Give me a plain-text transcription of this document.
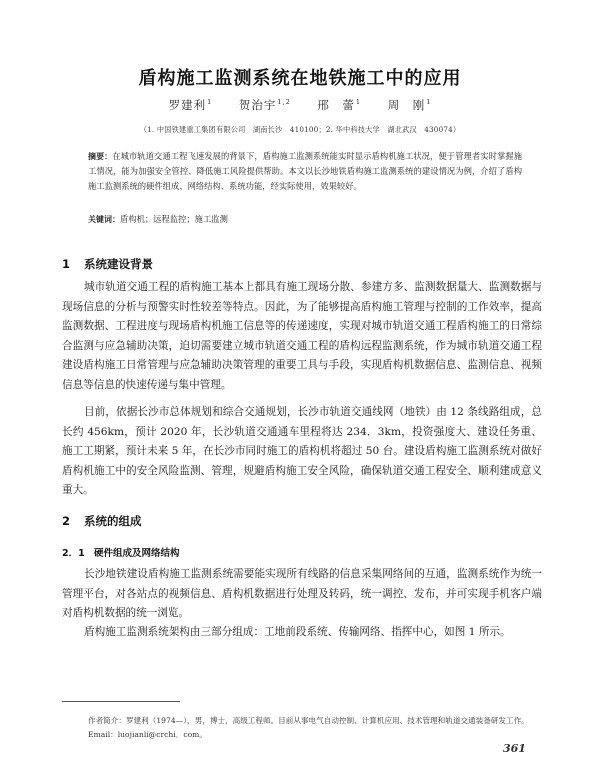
盾构施工监测系统在地铁施工中的应用
罗建利$^1$ 贺治宇$^{1,2}$ 邢　蕾$^1$ 周　刚$^1$
（1. 中国铁建重工集团有限公司　湖南长沙　410100；2. 华中科技大学　湖北武汉　430074）
摘要：在城市轨道交通工程飞速发展的背景下，盾构施工监测系统能实时显示盾构机施工状况，便于管理者实时掌握施工情况，能为加强安全管控、降低施工风险提供帮助。本文以长沙地铁盾构施工监测系统的建设情况为例，介绍了盾构施工监测系统的硬件组成、网络结构、系统功能，经实际使用，效果较好。
关键词：盾构机；远程监控；施工监测
1 系统建设背景

城市轨道交通工程的盾构施工基本上都具有施工现场分散、参建方多、监测数据量大、监测数据与现场信息的分析与预警实时性较差等特点。因此，为了能够提高盾构施工管理与控制的工作效率，提高监测数据、工程进度与现场盾构机施工信息等的传递速度，实现对城市轨道交通工程盾构施工的日常综合监测与应急辅助决策，迫切需要建立城市轨道交通工程的盾构远程监测系统，作为城市轨道交通工程建设盾构施工日常管理与应急辅助决策管理的重要工具与手段，实现盾构机数据信息、监测信息、视频信息等信息的快速传递与集中管理。

目前，依据长沙市总体规划和综合交通规划，长沙市轨道交通线网（地铁）由 12 条线路组成，总长约 456km，预计 2020 年，长沙轨道交通通车里程将达 234．3km，投资强度大、建设任务重、施工工期紧，预计未来 5 年，在长沙市同时施工的盾构机将超过 50 台。建设盾构施工监测系统对做好盾构机施工中的安全风险监测、管理，规避盾构施工安全风险，确保轨道交通工程安全、顺利建成意义重大。

2 系统的组成
2．1 硬件组成及网络结构

长沙地铁建设盾构施工监测系统需要能实现所有线路的信息采集网络间的互通，监测系统作为统一管理平台，对各站点的视频信息、盾构机数据进行处理及转码，统一调控、发布，并可实现手机客户端对盾构机数据的统一浏览。

盾构施工监测系统架构由三部分组成：工地前段系统、传输网络、指挥中心，如图 1 所示。

作者简介：罗建利（1974—），男，博士，高级工程师。目前从事电气自动控制、计算机应用、技术管理和轨道交通装备研发工作。Email：luojianli@crchi．com。
361
